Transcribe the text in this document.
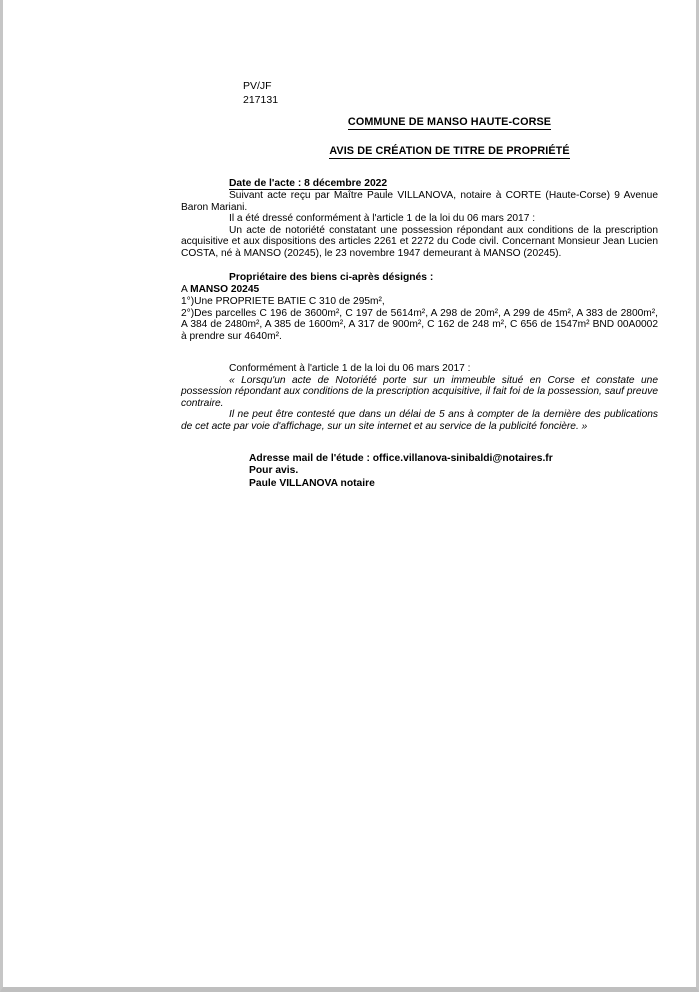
PV/JF
217131
COMMUNE DE MANSO HAUTE-CORSE
AVIS DE CRÉATION DE TITRE DE PROPRIÉTÉ
Date de l'acte : 8 décembre 2022
Suivant acte reçu par Maître Paule VILLANOVA, notaire à CORTE (Haute-Corse) 9 Avenue Baron Mariani.
Il a été dressé conformément à l'article 1 de la loi du 06 mars 2017 :
Un acte de notoriété constatant une possession répondant aux conditions de la prescription acquisitive et aux dispositions des articles 2261 et 2272 du Code civil. Concernant Monsieur Jean Lucien COSTA, né à MANSO (20245), le 23 novembre 1947 demeurant à MANSO (20245).
Propriétaire des biens ci-après désignés :
A MANSO 20245
1°)Une PROPRIETE BATIE C 310 de 295m²,
2°)Des parcelles C 196 de 3600m², C 197 de 5614m², A 298 de 20m², A 299 de 45m², A 383 de 2800m², A 384 de 2480m², A 385 de 1600m², A 317 de 900m², C 162 de 248 m², C 656 de 1547m² BND 00A0002 à prendre sur 4640m².
Conformément à l'article 1 de la loi du 06 mars 2017 :
« Lorsqu'un acte de Notoriété porte sur un immeuble situé en Corse et constate une possession répondant aux conditions de la prescription acquisitive, il fait foi de la possession, sauf preuve contraire.
Il ne peut être contesté que dans un délai de 5 ans à compter de la dernière des publications de cet acte par voie d'affichage, sur un site internet et au service de la publicité foncière. »
Adresse mail de l'étude : office.villanova-sinibaldi@notaires.fr
Pour avis.
Paule VILLANOVA notaire
